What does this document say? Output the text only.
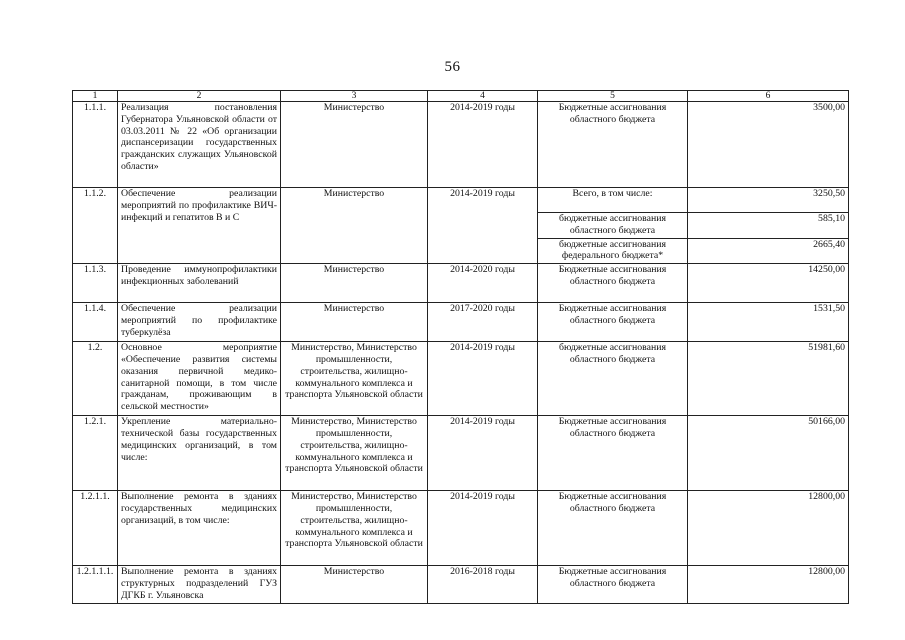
56
1	2	3	4	5	6
1.1.1.	Реализация постановления Губернатора Ульяновской области от 03.03.2011 № 22 «Об организации диспансеризации государственных гражданских служащих Ульяновской области»	Министерство	2014-2019 годы	Бюджетные ассигнования областного бюджета	3500,00
1.1.2.	Обеспечение реализации мероприятий по профилактике ВИЧ-инфекций и гепатитов B и C	Министерство	2014-2019 годы	Всего, в том числе:	3250,50
				бюджетные ассигнования областного бюджета	585,10
				бюджетные ассигнования федерального бюджета*	2665,40
1.1.3.	Проведение иммунопрофилактики инфекционных заболеваний	Министерство	2014-2020 годы	Бюджетные ассигнования областного бюджета	14250,00
1.1.4.	Обеспечение реализации мероприятий по профилактике туберкулёза	Министерство	2017-2020 годы	Бюджетные ассигнования областного бюджета	1531,50
1.2.	Основное мероприятие «Обеспечение развития системы оказания первичной медико-санитарной помощи, в том числе гражданам, проживающим в сельской местности»	Министерство, Министерство промышленности, строительства, жилищно-коммунального комплекса и транспорта Ульяновской области	2014-2019 годы	бюджетные ассигнования областного бюджета	51981,60
1.2.1.	Укрепление материально-технической базы государственных медицинских организаций, в том числе:	Министерство, Министерство промышленности, строительства, жилищно-коммунального комплекса и транспорта Ульяновской области	2014-2019 годы	Бюджетные ассигнования областного бюджета	50166,00
1.2.1.1.	Выполнение ремонта в зданиях государственных медицинских организаций, в том числе:	Министерство, Министерство промышленности, строительства, жилищно-коммунального комплекса и транспорта Ульяновской области	2014-2019 годы	Бюджетные ассигнования областного бюджета	12800,00
1.2.1.1.1.	Выполнение ремонта в зданиях структурных подразделений ГУЗ ДГКБ г. Ульяновска	Министерство	2016-2018 годы	Бюджетные ассигнования областного бюджета	12800,00
